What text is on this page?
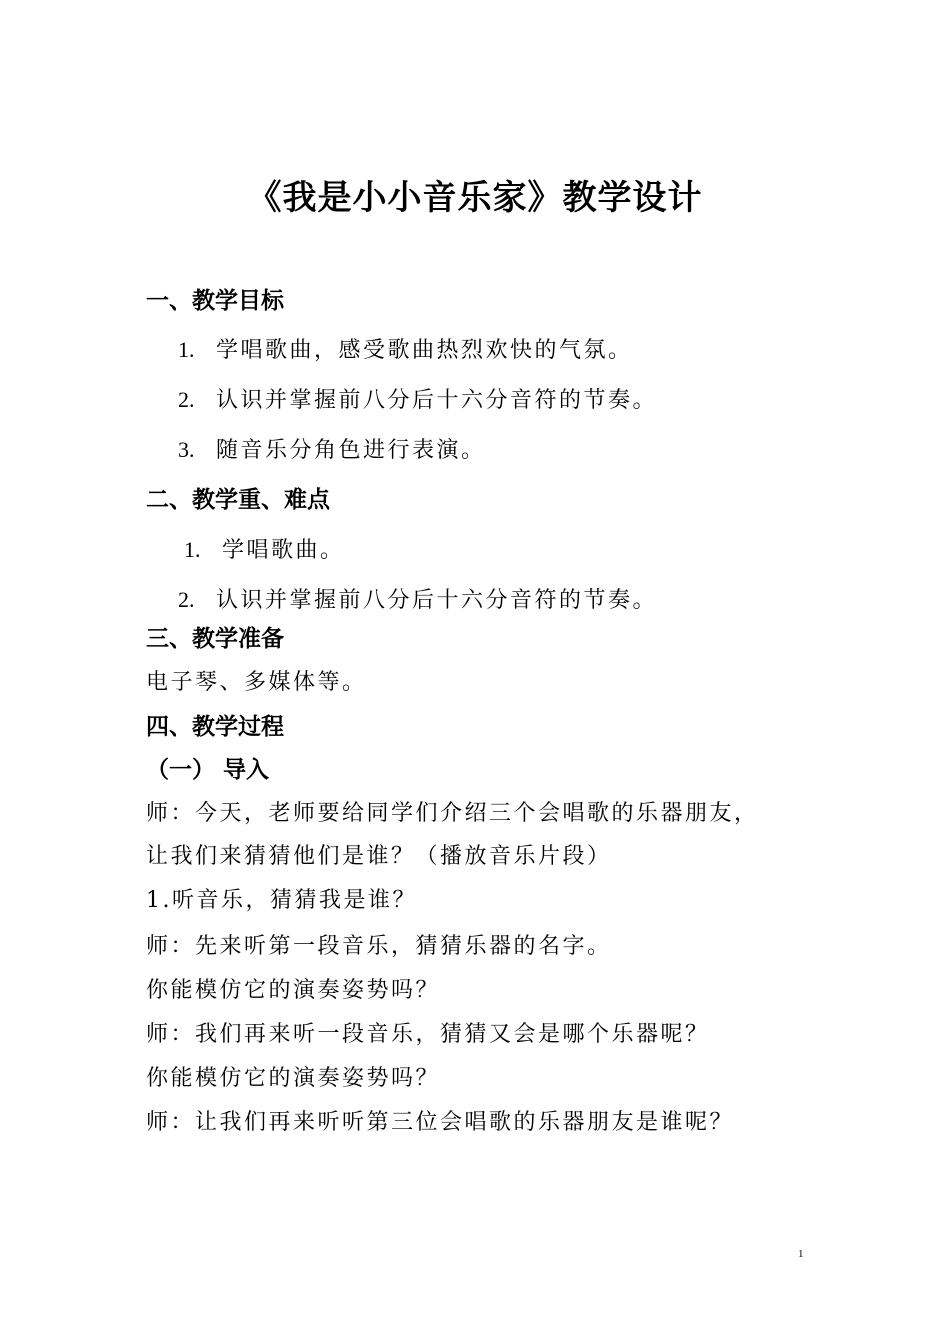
《我是小小音乐家》教学设计
一、教学目标
1. 学唱歌曲，感受歌曲热烈欢快的气氛。
2. 认识并掌握前八分后十六分音符的节奏。
3. 随音乐分角色进行表演。
二、教学重、难点
1. 学唱歌曲。
2. 认识并掌握前八分后十六分音符的节奏。
三、教学准备
电子琴、多媒体等。
四、教学过程
（一） 导入
师：今天，老师要给同学们介绍三个会唱歌的乐器朋友，
让我们来猜猜他们是谁？（播放音乐片段）
1.听音乐，猜猜我是谁？
师：先来听第一段音乐，猜猜乐器的名字。
你能模仿它的演奏姿势吗？
师：我们再来听一段音乐，猜猜又会是哪个乐器呢？
你能模仿它的演奏姿势吗？
师：让我们再来听听第三位会唱歌的乐器朋友是谁呢？
1
